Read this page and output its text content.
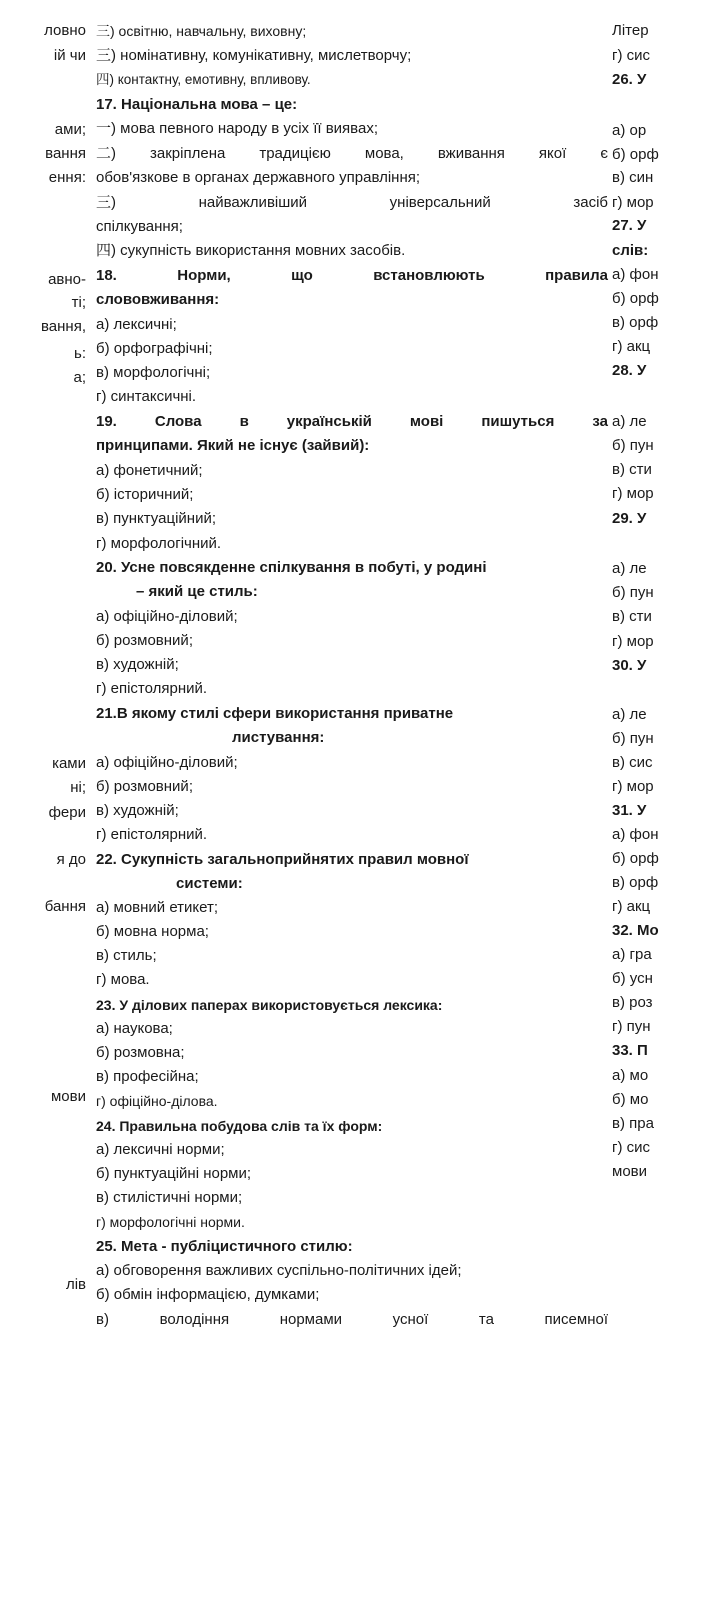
ловно
ій чи
ами;
вання
ення:
авно-
ті;
вання,
ь:
а;
ками
ні;
фери
я до
бання
мови
лів
三) освітню, навчальну, виховну;
三) номінативну, комунікативну, мислетворчу;
四) контактну, емотивну, впливову.
17. Національна мова – це:
一) мова певного народу в усіх її виявах;
二) закріплена традицією мова, вживання якої є
обов'язкове в органах державного управління;
三)	найважливіший	універсальний	засіб
спілкування;
四) сукупність використання мовних засобів.
18.	Норми,	що	встановлюють	правила
слововживання:
а) лексичні;
б) орфографічні;
в) морфологічні;
г) синтаксичні.
19.	Слова	в	українській	мові	пишуться	за
принципами. Який не існує (зайвий):
а) фонетичний;
б) історичний;
в) пунктуаційний;
г) морфологічний.
20. Усне повсякденне спілкування в побуті, у родині
– який це стиль:
а) офіційно-діловий;
б) розмовний;
в) художній;
г) епістолярний.
21.В якому стилі сфери використання приватне
листування:
а) офіційно-діловий;
б) розмовний;
в) художній;
г) епістолярний.
22. Сукупність загальноприйнятих правил мовної
системи:
а) мовний етикет;
б) мовна норма;
в) стиль;
г) мова.
23. У ділових паперах використовується лексика:
а) наукова;
б) розмовна;
в) професійна;
г) офіційно-ділова.
24. Правильна побудова слів та їх форм:
а) лексичні норми;
б) пунктуаційні норми;
в) стилістичні норми;
г) морфологічні норми.
25. Мета - публіцистичного стилю:
а) обговорення важливих суспільно-політичних ідей;
б) обмін інформацією, думками;
в)	володіння	нормами	усної	та	писемної
Літер
г) сис
26. У
а) ор
б) орф
в) син
г) мор
27. У
слів:
а) фон
б) орф
в) орф
г) акц
28. У
а) ле
б) пун
в) сти
г) мор
29. У
а) ле
б) пун
в) сти
г) мор
30. У
а) ле
б) пун
в) сис
г) мор
31. У
а) фон
б) орф
в) орф
г) акц
32. Мо
а) гра
б) усн
в) роз
г) пун
33. П
а) мо
б) мо
в) пра
г) сис
мови
